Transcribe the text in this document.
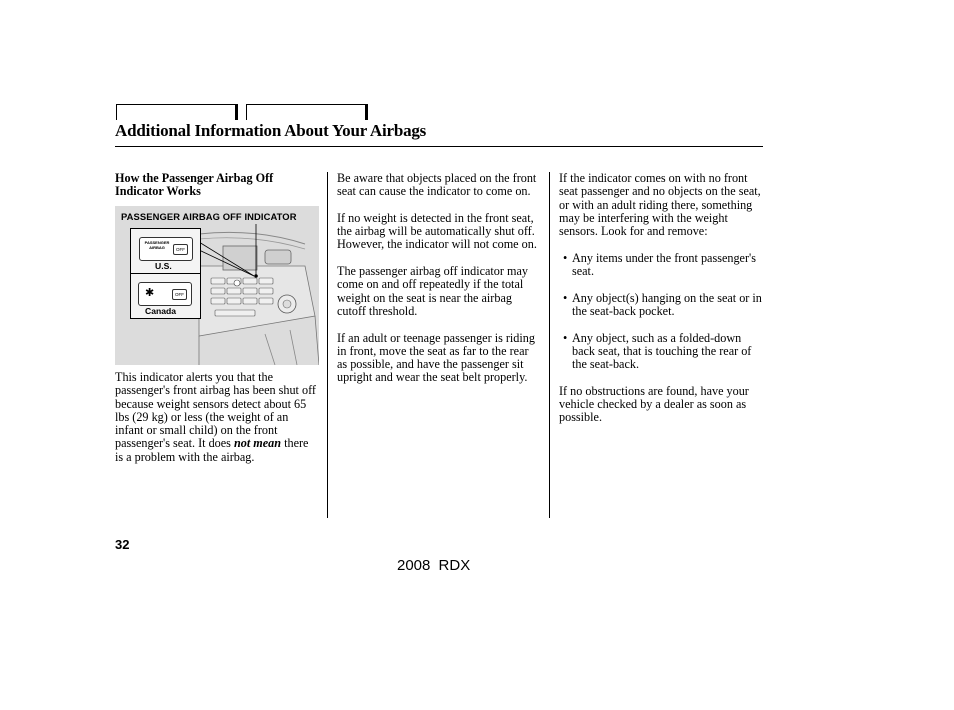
Additional Information About Your Airbags

How the Passenger Airbag Off Indicator Works

This indicator alerts you that the passenger's front airbag has been shut off because weight sensors detect about 65 lbs (29 kg) or less (the weight of an infant or small child) on the front passenger's seat. It does not mean there is a problem with the airbag.
PASSENGER AIRBAG OFF INDICATOR
PASSENGER AIRBAG	OFF
U.S.
✱	OFF
Canada

Be aware that objects placed on the front seat can cause the indicator to come on.

If no weight is detected in the front seat, the airbag will be automatically shut off. However, the indicator will not come on.

The passenger airbag off indicator may come on and off repeatedly if the total weight on the seat is near the airbag cutoff threshold.

If an adult or teenage passenger is riding in front, move the seat as far to the rear as possible, and have the passenger sit upright and wear the seat belt properly.

If the indicator comes on with no front seat passenger and no objects on the seat, or with an adult riding there, something may be interfering with the weight sensors. Look for and remove:

• Any items under the front passenger's seat.
• Any object(s) hanging on the seat or in the seat-back pocket.
• Any object, such as a folded-down back seat, that is touching the rear of the seat-back.

If no obstructions are found, have your vehicle checked by a dealer as soon as possible.

32
2008 RDX
